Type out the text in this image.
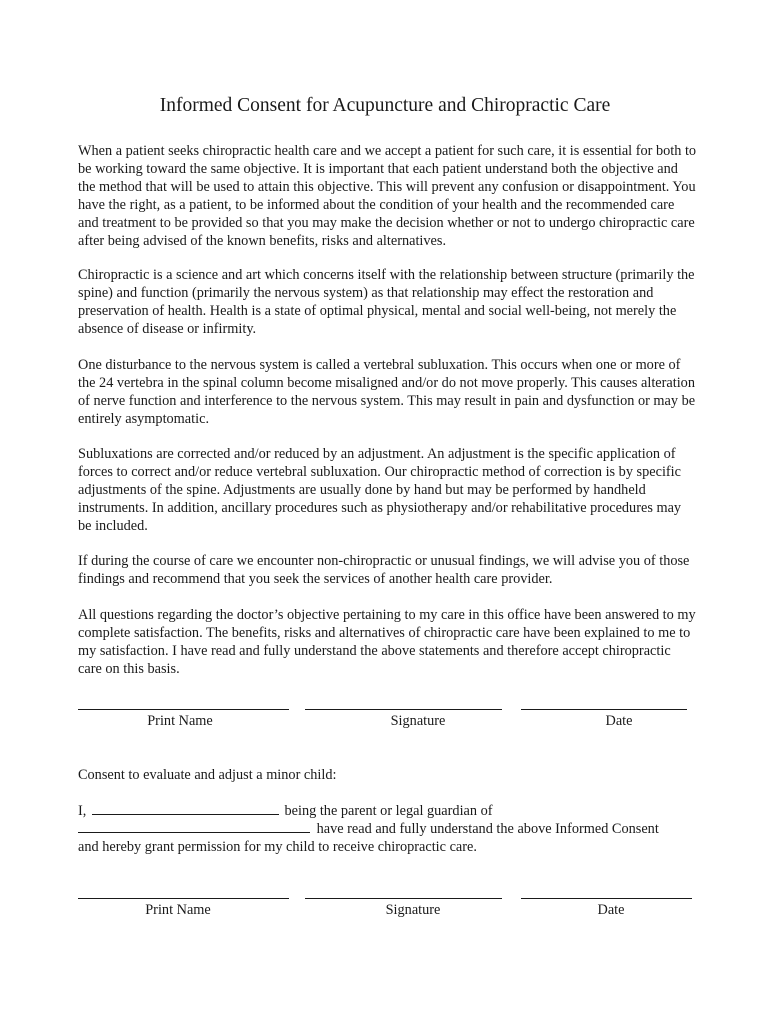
Informed Consent for Acupuncture and Chiropractic Care

When a patient seeks chiropractic health care and we accept a patient for such care, it is essential for both to be working toward the same objective. It is important that each patient understand both the objective and the method that will be used to attain this objective. This will prevent any confusion or disappointment. You have the right, as a patient, to be informed about the condition of your health and the recommended care and treatment to be provided so that you may make the decision whether or not to undergo chiropractic care after being advised of the known benefits, risks and alternatives.

Chiropractic is a science and art which concerns itself with the relationship between structure (primarily the spine) and function (primarily the nervous system) as that relationship may effect the restoration and preservation of health. Health is a state of optimal physical, mental and social well-being, not merely the absence of disease or infirmity.

One disturbance to the nervous system is called a vertebral subluxation. This occurs when one or more of the 24 vertebra in the spinal column become misaligned and/or do not move properly. This causes alteration of nerve function and interference to the nervous system. This may result in pain and dysfunction or may be entirely asymptomatic.

Subluxations are corrected and/or reduced by an adjustment. An adjustment is the specific application of forces to correct and/or reduce vertebral subluxation. Our chiropractic method of correction is by specific adjustments of the spine. Adjustments are usually done by hand but may be performed by handheld instruments. In addition, ancillary procedures such as physiotherapy and/or rehabilitative procedures may be included.

If during the course of care we encounter non-chiropractic or unusual findings, we will advise you of those findings and recommend that you seek the services of another health care provider.

All questions regarding the doctor’s objective pertaining to my care in this office have been answered to my complete satisfaction. The benefits, risks and alternatives of chiropractic care have been explained to me to my satisfaction. I have read and fully understand the above statements and therefore accept chiropractic care on this basis.

Print Name	Signature	Date
Consent to evaluate and adjust a minor child:
I,	being the parent or legal guardian of
have read and fully understand the above Informed Consent
and hereby grant permission for my child to receive chiropractic care.
Print Name	Signature	Date
